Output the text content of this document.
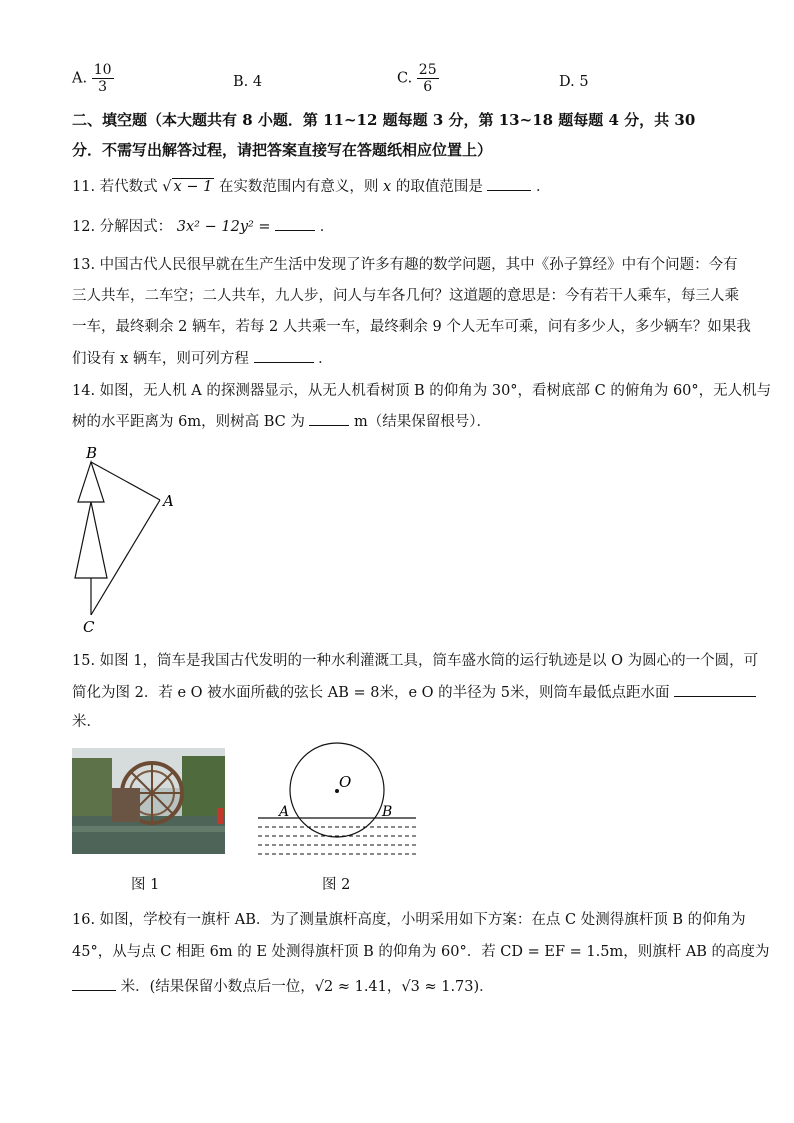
A. $\frac{10}{3}$	B. 4	C. $\frac{25}{6}$	D. 5
二、填空题（本大题共有 8 小题．第 11~12 题每题 3 分，第 13~18 题每题 4 分，共 30
分．不需写出解答过程，请把答案直接写在答题纸相应位置上）
11. 若代数式 √ x − 1 在实数范围内有意义，则 x 的取值范围是	．
12. 分解因式： 3x² − 12y² =	．
13. 中国古代人民很早就在生产生活中发现了许多有趣的数学问题，其中《孙子算经》中有个问题：今有
三人共车，二车空；二人共车，九人步，问人与车各几何？这道题的意思是：今有若干人乘车，每三人乘
一车，最终剩余 2 辆车，若每 2 人共乘一车，最终剩余 9 个人无车可乘，问有多少人，多少辆车？如果我
们设有 x 辆车，则可列方程	．
14. 如图，无人机 A 的探测器显示，从无人机看树顶 B 的仰角为 30°，看树底部 C 的俯角为 60°，无人机与
树的水平距离为 6m，则树高 BC 为	m（结果保留根号）．
B
A
C
15. 如图 1，筒车是我国古代发明的一种水利灌溉工具，筒车盛水筒的运行轨迹是以 O 为圆心的一个圆，可
简化为图 2．若 e O 被水面所截的弦长 AB = 8米，e O 的半径为 5米，则筒车最低点距水面
米．
图 1
O
A	B
图 2
16. 如图，学校有一旗杆 AB．为了测量旗杆高度，小明采用如下方案：在点 C 处测得旗杆顶 B 的仰角为
45°，从与点 C 相距 6m 的 E 处测得旗杆顶 B 的仰角为 60°．若 CD = EF = 1.5m，则旗杆 AB 的高度为
米．(结果保留小数点后一位，√2 ≈ 1.41，√3 ≈ 1.73)．
